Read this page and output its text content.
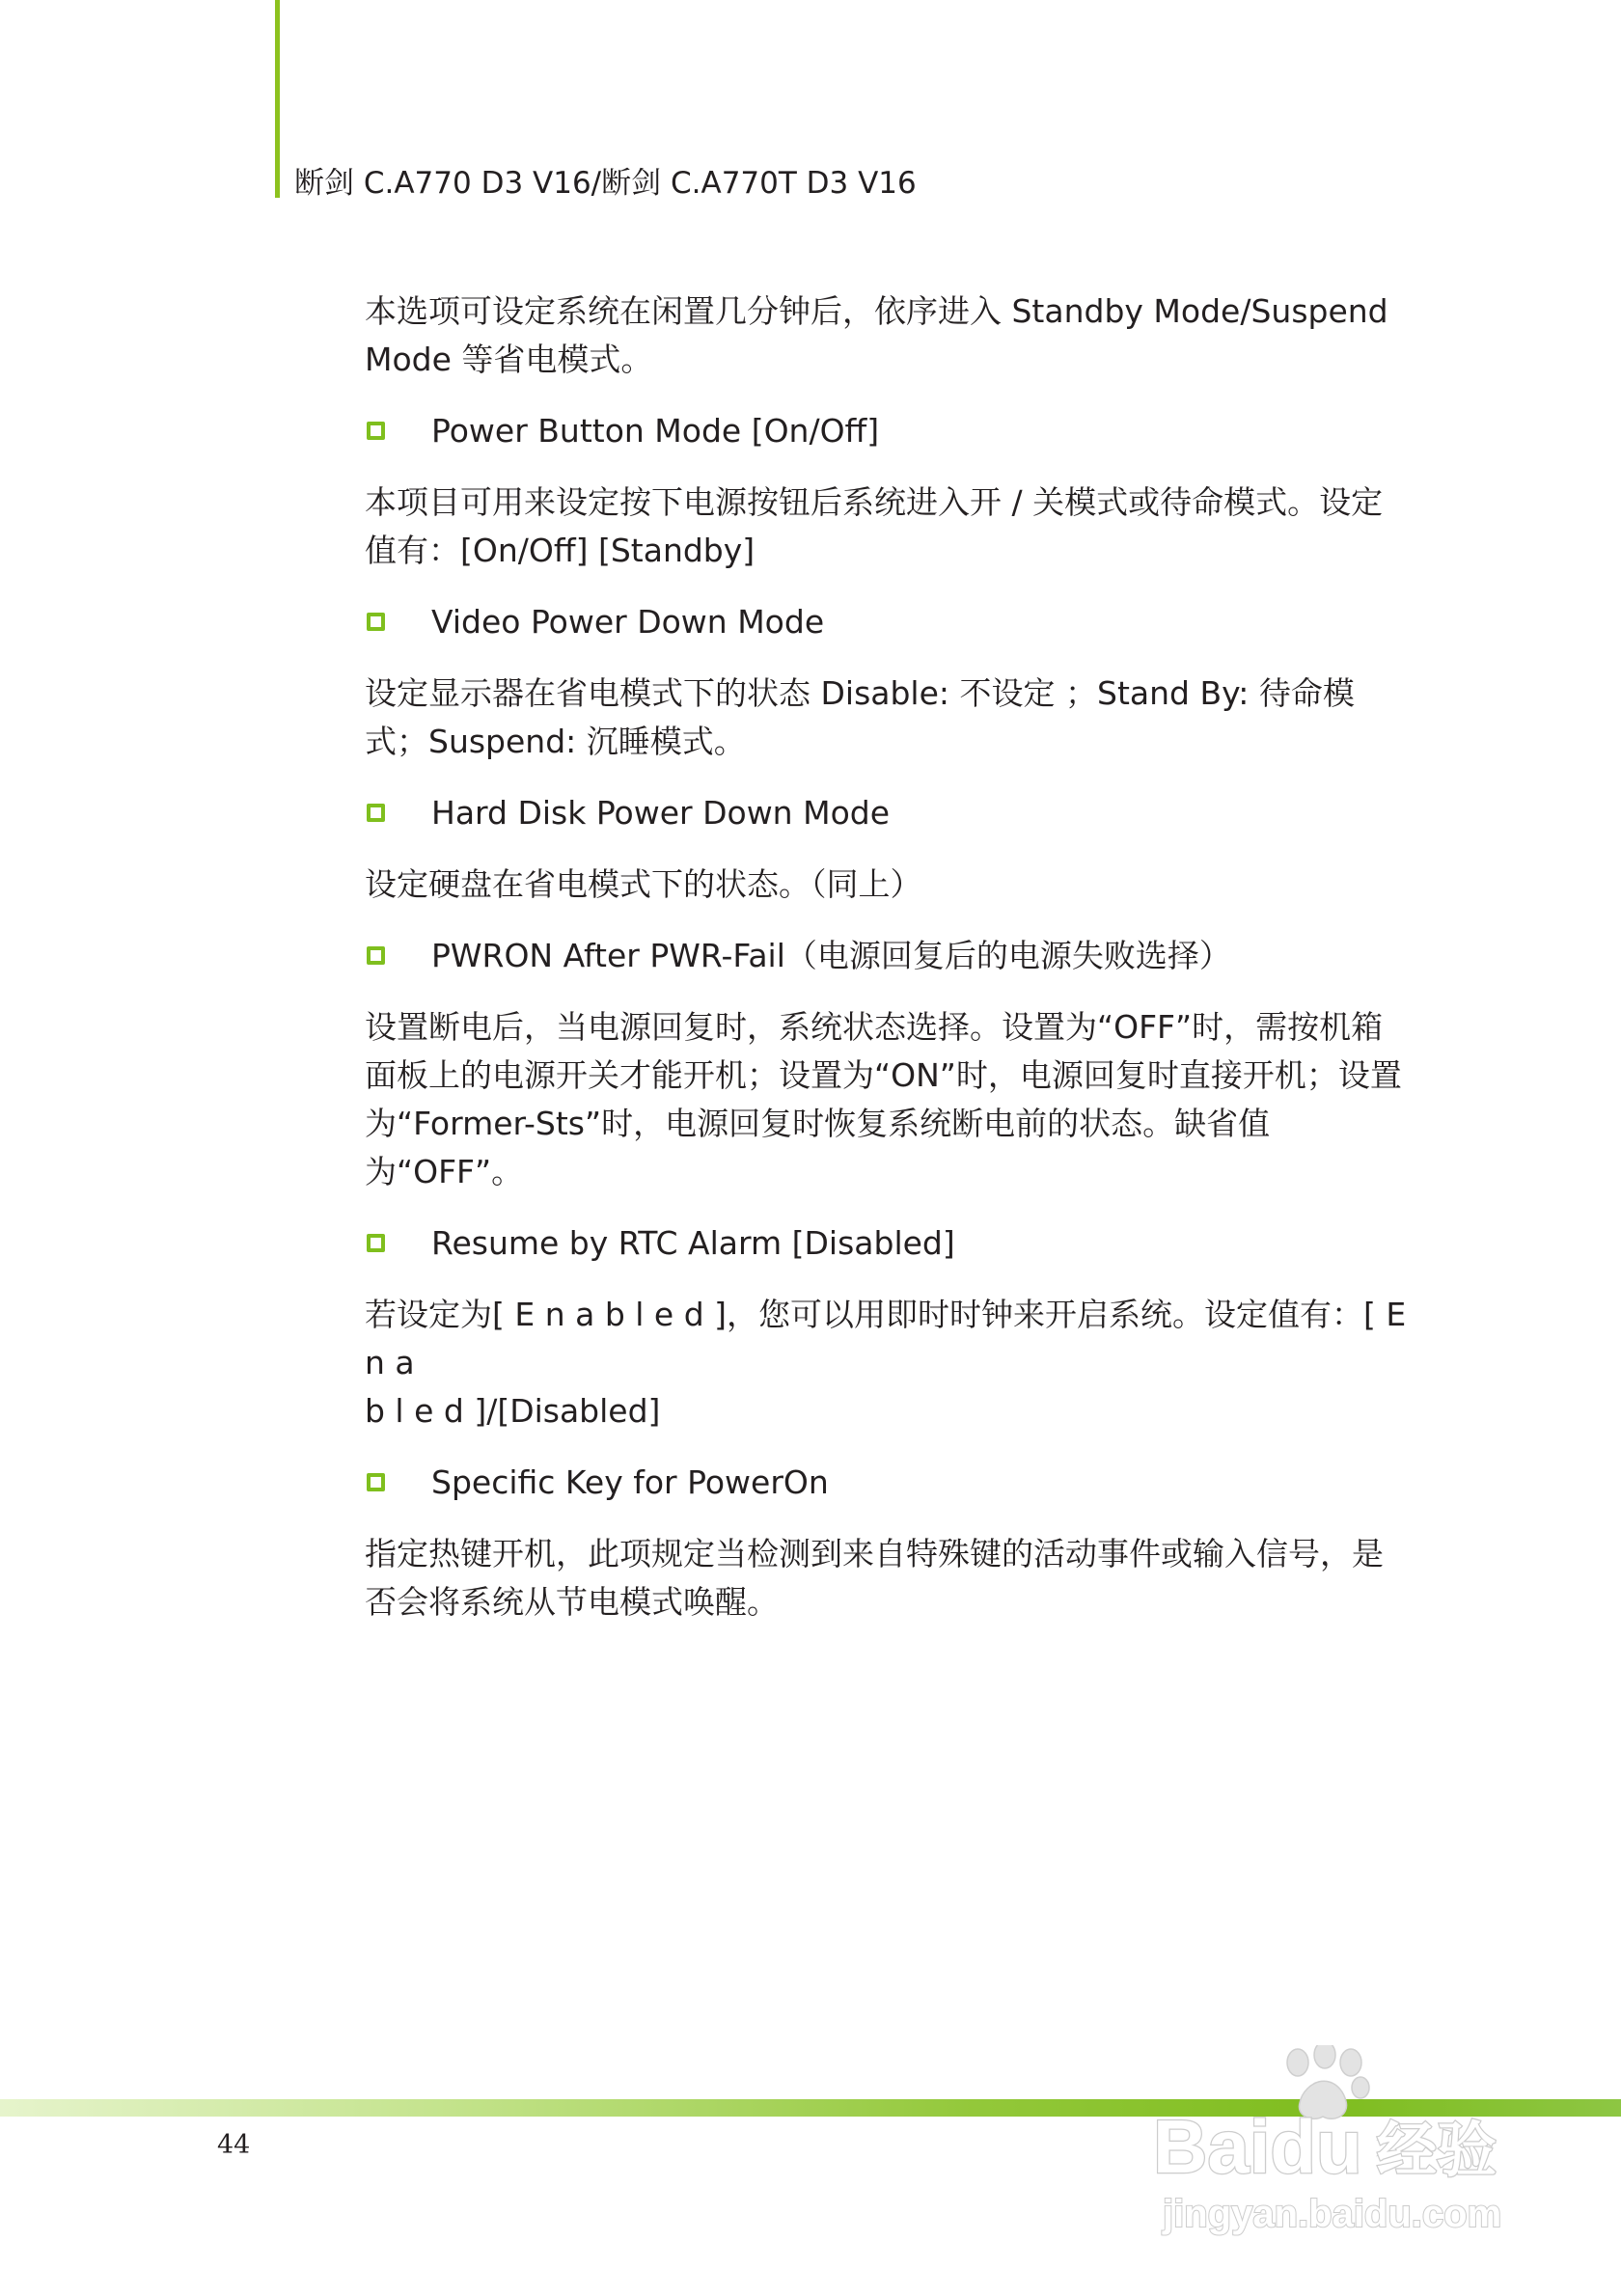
断剑 C.A770 D3 V16/断剑 C.A770T D3 V16

本选项可设定系统在闲置几分钟后，依序进入 Standby Mode/Suspend

Mode 等省电模式。

Power Button Mode [On/Off]

本项目可用来设定按下电源按钮后系统进入开 / 关模式或待命模式。设定

值有：[On/Off] [Standby]

Video Power Down Mode

设定显示器在省电模式下的状态 Disable: 不设定 ；Stand By: 待命模

式；Suspend: 沉睡模式。

Hard Disk Power Down Mode

设定硬盘在省电模式下的状态。（同上）

PWRON After PWR-Fail（电源回复后的电源失败选择）

设置断电后，当电源回复时，系统状态选择。设置为“OFF”时，需按机箱

面板上的电源开关才能开机；设置为“ON”时，电源回复时直接开机；设置

为“Former-Sts”时，电源回复时恢复系统断电前的状态。缺省值为“OFF”。

Resume by RTC Alarm [Disabled]

若设定为[ E n a b l e d ]，您可以用即时时钟来开启系统。设定值有：[ E n a

b l e d ]/[Disabled]

Specific Key for PowerOn

指定热键开机，此项规定当检测到来自特殊键的活动事件或输入信号，是

否会将系统从节电模式唤醒。

44	Baidu 经验
jingyan.baidu.com
